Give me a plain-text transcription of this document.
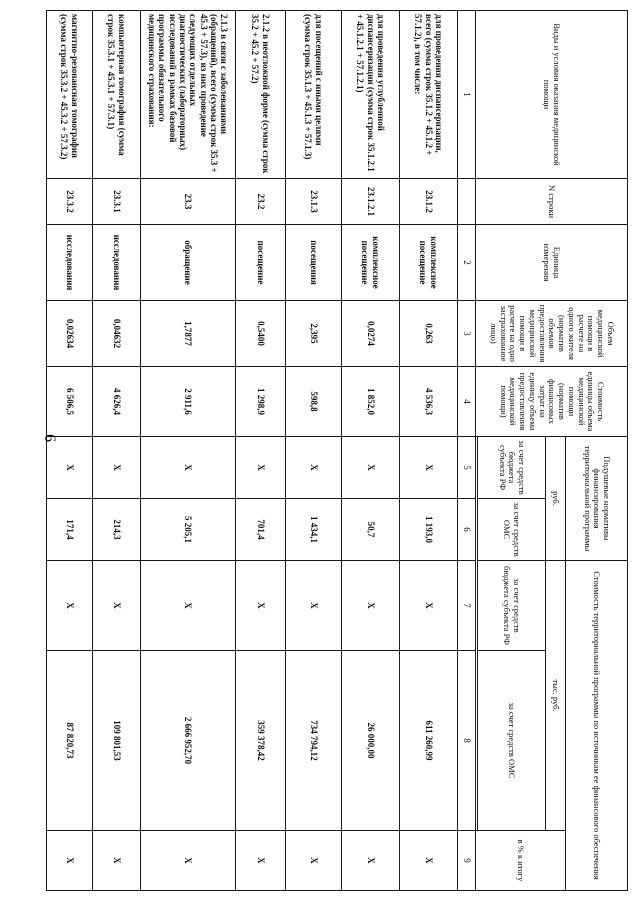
6
Виды и условия оказания медицинской помощи	N строки	Единица измерения	Объем медицинской помощи в расчете на одного жителя (норматив объемов предоставления медицинской помощи в расчете на одно застрахованное лицо)	Стоимость единицы объема медицинской помощи (норматив финансовых затрат на единицу объема предоставления медицинской помощи)	Подушевые нормативы финансирования территориальной программы		Стоимость территориальной программы по источникам ее финансового обеспечения		
					руб.		тыс. руб.		в % к итогу
					за счет средств бюджета субъекта РФ	за счет средств ОМС	за счет средств бюджета субъекта РФ	за счет средств ОМС	

1		2	3	4	5	6	7	8	9
для проведения диспансеризации, всего (сумма строк 35.1.2 + 45.1.2 + 57.1.2), в том числе:	23.1.2	комплексное посещение	0,263	4 536,3	X	1 193,0	X	611 260,99	X
для проведения углубленной диспансеризации (сумма строк 35.1.2.1 + 45.1.2.1 + 57.1.2.1)	23.1.2.1	комплексное посещение	0,0274	1 852,0	X	50,7	X	26 000,00	X
для посещений с иными целями (сумма строк 35.1.3 + 45.1.3 + 57.1.3)	23.1.3	посещения	2,395	598,8	X	1 434,1	X	734 794,12	X
2.1.2 в неотложной форме (сумма строк 35.2 + 45.2 + 57.2)	23.2	посещение	0,5400	1 298,9	X	701,4	X	359 378,42	X
2.1.3 в связи с заболеваниями (обращений), всего (сумма строк 35.3 + 45.3 + 57.3), из них проведение следующих отдельных диагностических (лабораторных) исследований в рамках базовой программы обязательного медицинского страхования:	23.3	обращение	1,7877	2 911,6	X	5 205,1	X	2 666 952,70	X
компьютерная томография (сумма строк 35.3.1 + 45.3.1 + 57.3.1)	23.3.1	исследования	0,04632	4 626,4	X	214,3	X	109 801,53	X
магнитно-резонансная томография (сумма строк 35.3.2 + 45.3.2 + 57.3.2)	23.3.2	исследования	0,02634	6 506,5	X	171,4	X	87 820,73	X
